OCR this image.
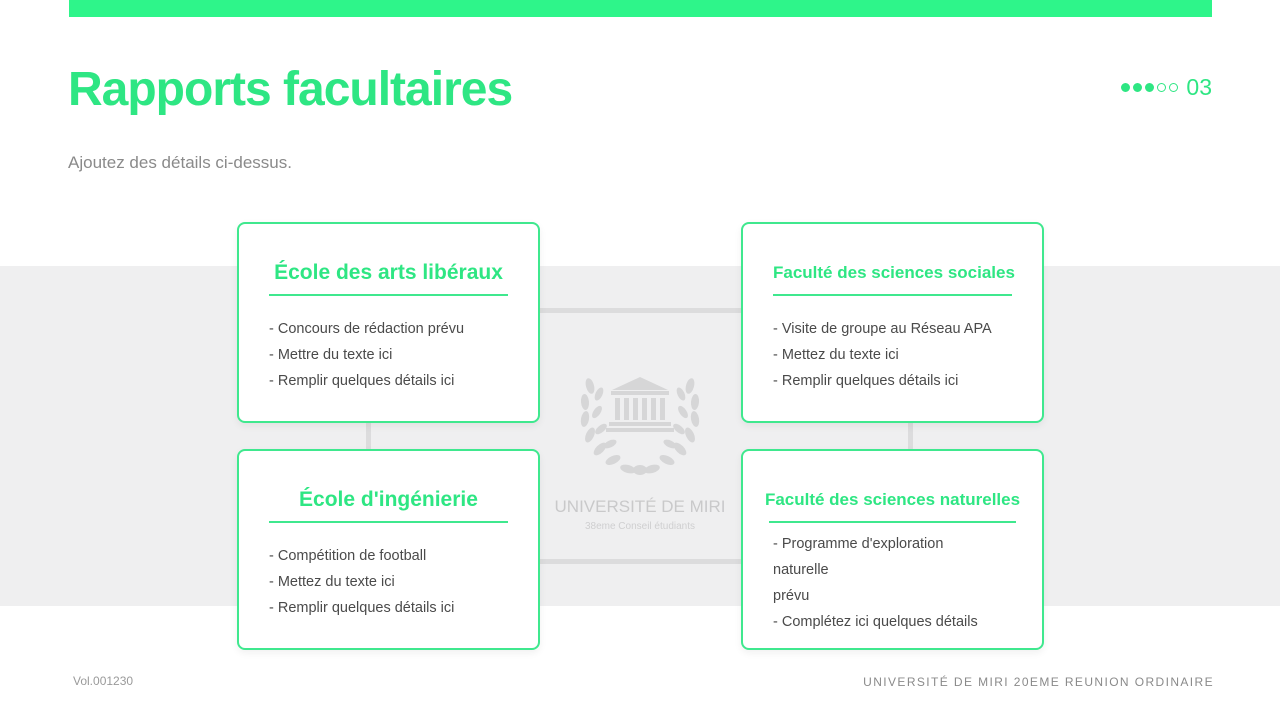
Rapports facultaires
Ajoutez des détails ci-dessus.
03
UNIVERSITÉ DE MIRI
38eme Conseil étudiants
École des arts libéraux
- Concours de rédaction prévu
- Mettre du texte ici
- Remplir quelques détails ici
Faculté des sciences sociales
- Visite de groupe au Réseau APA
- Mettez du texte ici
- Remplir quelques détails ici
École d'ingénierie
- Compétition de football
- Mettez du texte ici
- Remplir quelques détails ici
Faculté des sciences naturelles
- Programme d'exploration
naturelle
prévu
- Complétez ici quelques détails
Vol.001230	UNIVERSITÉ DE MIRI 20EME REUNION ORDINAIRE
